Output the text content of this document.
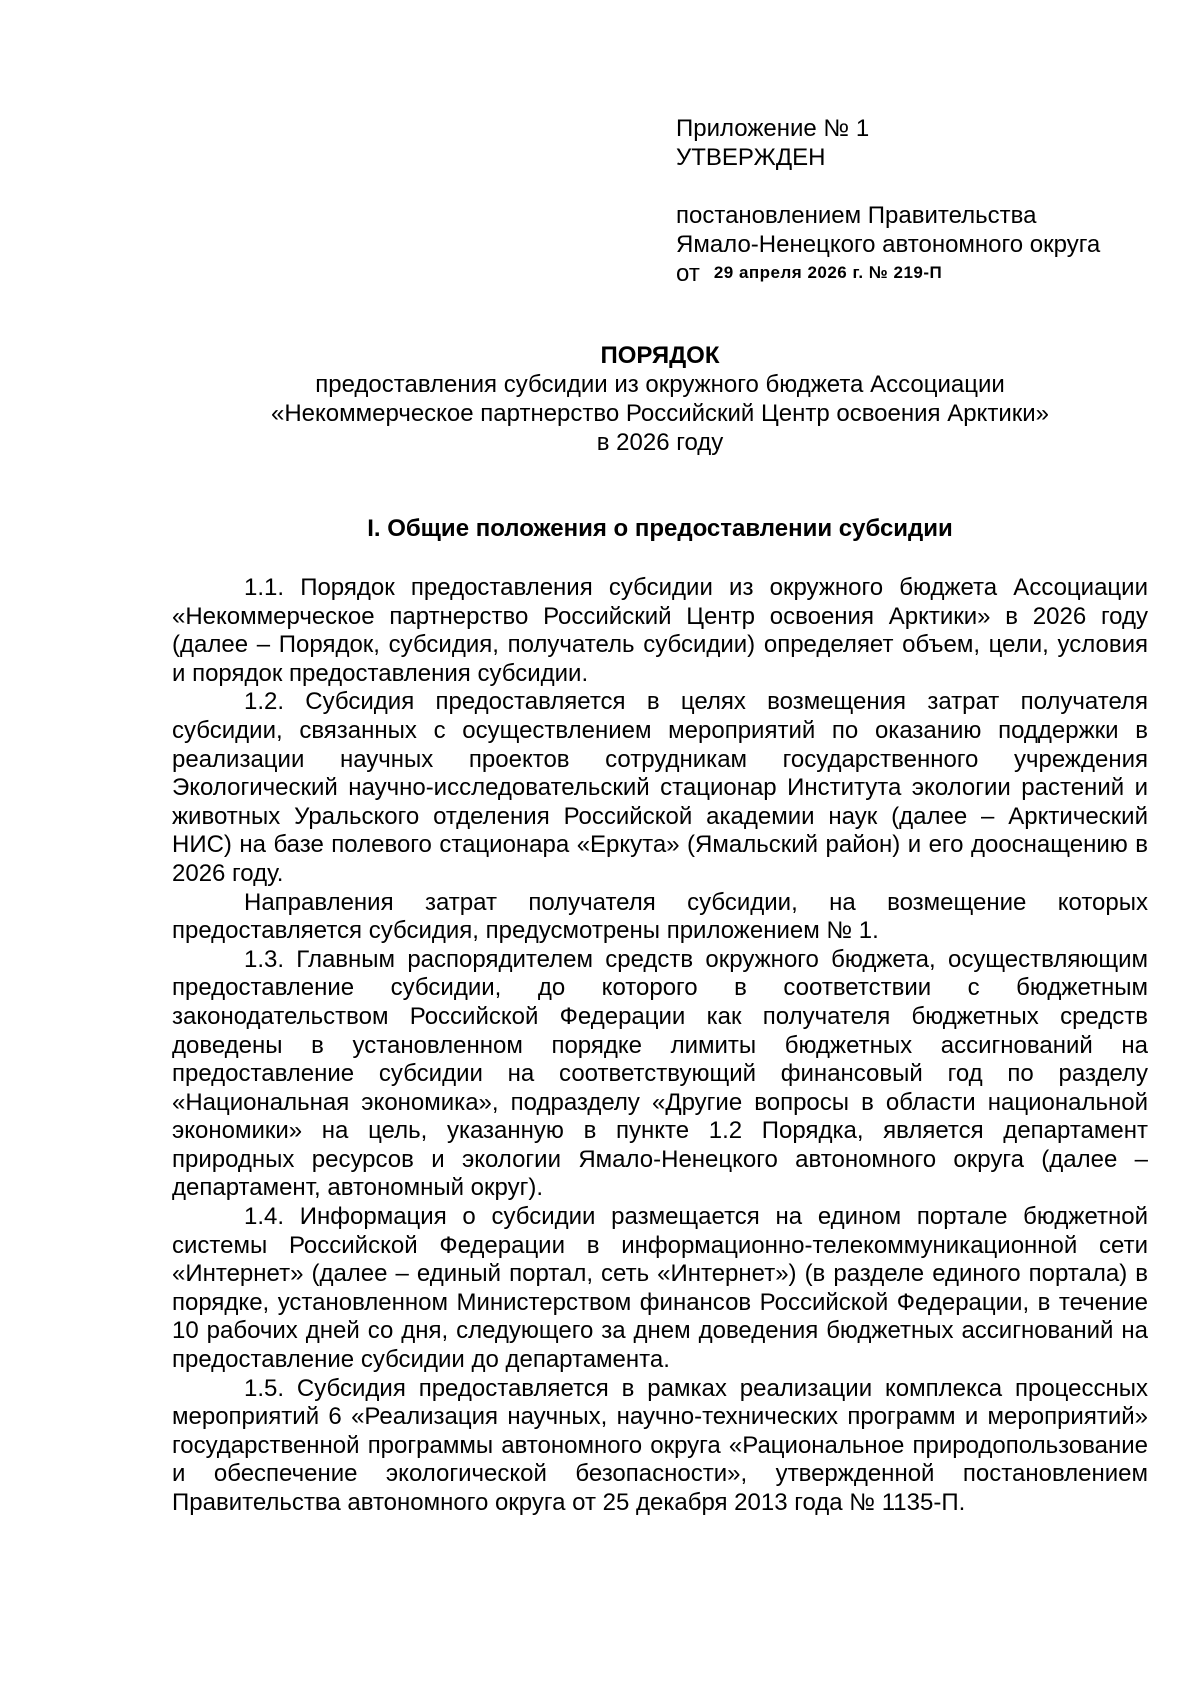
Приложение № 1
УТВЕРЖДЕН
постановлением Правительства
Ямало-Ненецкого автономного округа
от 29 апреля 2026 г. № 219-П
ПОРЯДОК
предоставления субсидии из окружного бюджета Ассоциации
«Некоммерческое партнерство Российский Центр освоения Арктики»
в 2026 году
I. Общие положения о предоставлении субсидии

1.1. Порядок предоставления субсидии из окружного бюджета Ассоциации «Некоммерческое партнерство Российский Центр освоения Арктики» в 2026 году (далее – Порядок, субсидия, получатель субсидии) определяет объем, цели, условия и порядок предоставления субсидии.

1.2. Субсидия предоставляется в целях возмещения затрат получателя субсидии, связанных с осуществлением мероприятий по оказанию поддержки в реализации научных проектов сотрудникам государственного учреждения Экологический научно-исследовательский стационар Института экологии растений и животных Уральского отделения Российской академии наук (далее – Арктический НИС) на базе полевого стационара «Еркута» (Ямальский район) и его дооснащению в 2026 году.

Направления затрат получателя субсидии, на возмещение которых предоставляется субсидия, предусмотрены приложением № 1.

1.3. Главным распорядителем средств окружного бюджета, осуществляющим предоставление субсидии, до которого в соответствии с бюджетным законодательством Российской Федерации как получателя бюджетных средств доведены в установленном порядке лимиты бюджетных ассигнований на предоставление субсидии на соответствующий финансовый год по разделу «Национальная экономика», подразделу «Другие вопросы в области национальной экономики» на цель, указанную в пункте 1.2 Порядка, является департамент природных ресурсов и экологии Ямало-Ненецкого автономного округа (далее – департамент, автономный округ).

1.4. Информация о субсидии размещается на едином портале бюджетной системы Российской Федерации в информационно-телекоммуникационной сети «Интернет» (далее – единый портал, сеть «Интернет») (в разделе единого портала) в порядке, установленном Министерством финансов Российской Федерации, в течение 10 рабочих дней со дня, следующего за днем доведения бюджетных ассигнований на предоставление субсидии до департамента.

1.5. Субсидия предоставляется в рамках реализации комплекса процессных мероприятий 6 «Реализация научных, научно-технических программ и мероприятий» государственной программы автономного округа «Рациональное природопользование и обеспечение экологической безопасности», утвержденной постановлением Правительства автономного округа от 25 декабря 2013 года № 1135-П.
